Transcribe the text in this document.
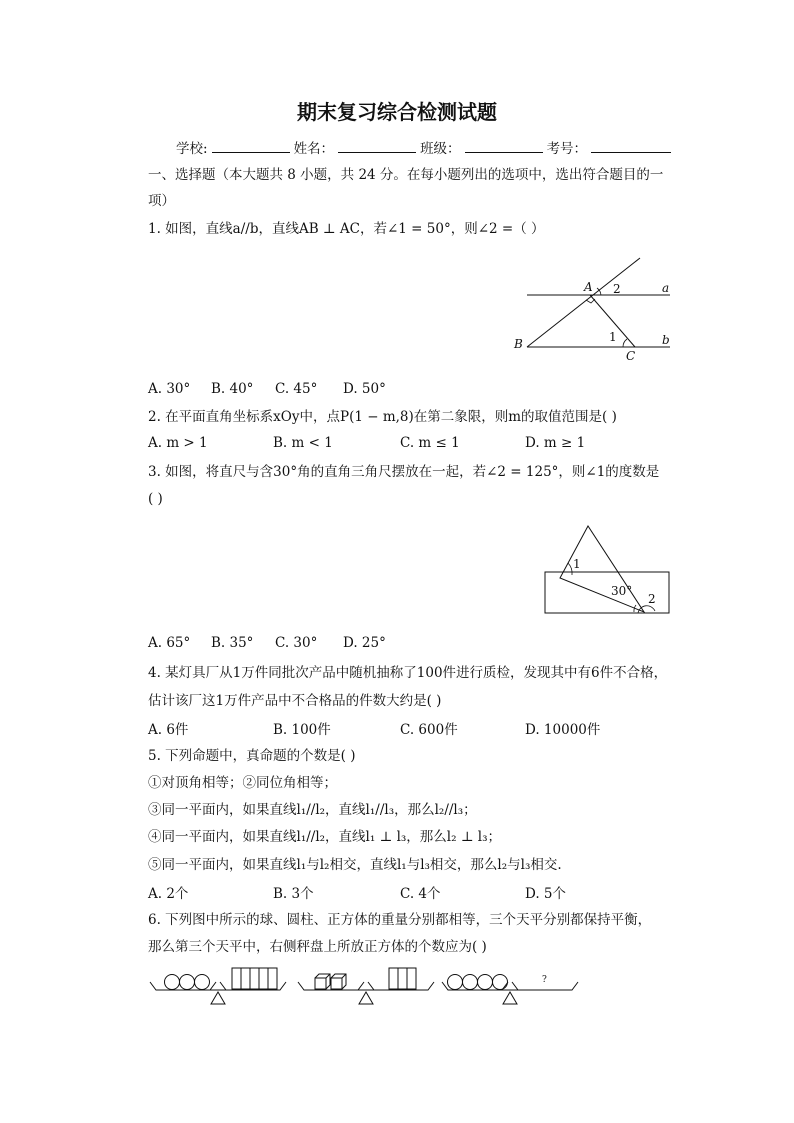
期末复习综合检测试题
学校:	姓名：	班级：	考号：
一、选择题（本大题共 8 小题，共 24 分。在每小题列出的选项中，选出符合题目的一
项）
1. 如图，直线a//b，直线AB ⊥ AC，若∠1 = 50°，则∠2 =（ ）
A 2	a
1	b
B
C
A. 30° B. 40° C. 45° D. 50°
2. 在平面直角坐标系xOy中，点P(1 − m,8)在第二象限，则m的取值范围是( )
A. m > 1	B. m < 1	C. m ≤ 1	D. m ≥ 1
3. 如图，将直尺与含30°角的直角三角尺摆放在一起，若∠2 = 125°，则∠1的度数是
( )
1
30°
2
A. 65° B. 35° C. 30° D. 25°
4. 某灯具厂从1万件同批次产品中随机抽称了100件进行质检，发现其中有6件不合格，
估计该厂这1万件产品中不合格品的件数大约是( )
A. 6件	B. 100件	C. 600件	D. 10000件
5. 下列命题中，真命题的个数是( )
①对顶角相等；②同位角相等；
③同一平面内，如果直线l₁//l₂，直线l₁//l₃，那么l₂//l₃；
④同一平面内，如果直线l₁//l₂，直线l₁ ⊥ l₃，那么l₂ ⊥ l₃；
⑤同一平面内，如果直线l₁与l₂相交，直线l₁与l₃相交，那么l₂与l₃相交.
A. 2个	B. 3个	C. 4个	D. 5个
6. 下列图中所示的球、圆柱、正方体的重量分别都相等，三个天平分别都保持平衡，
那么第三个天平中，右侧秤盘上所放正方体的个数应为( )
?
